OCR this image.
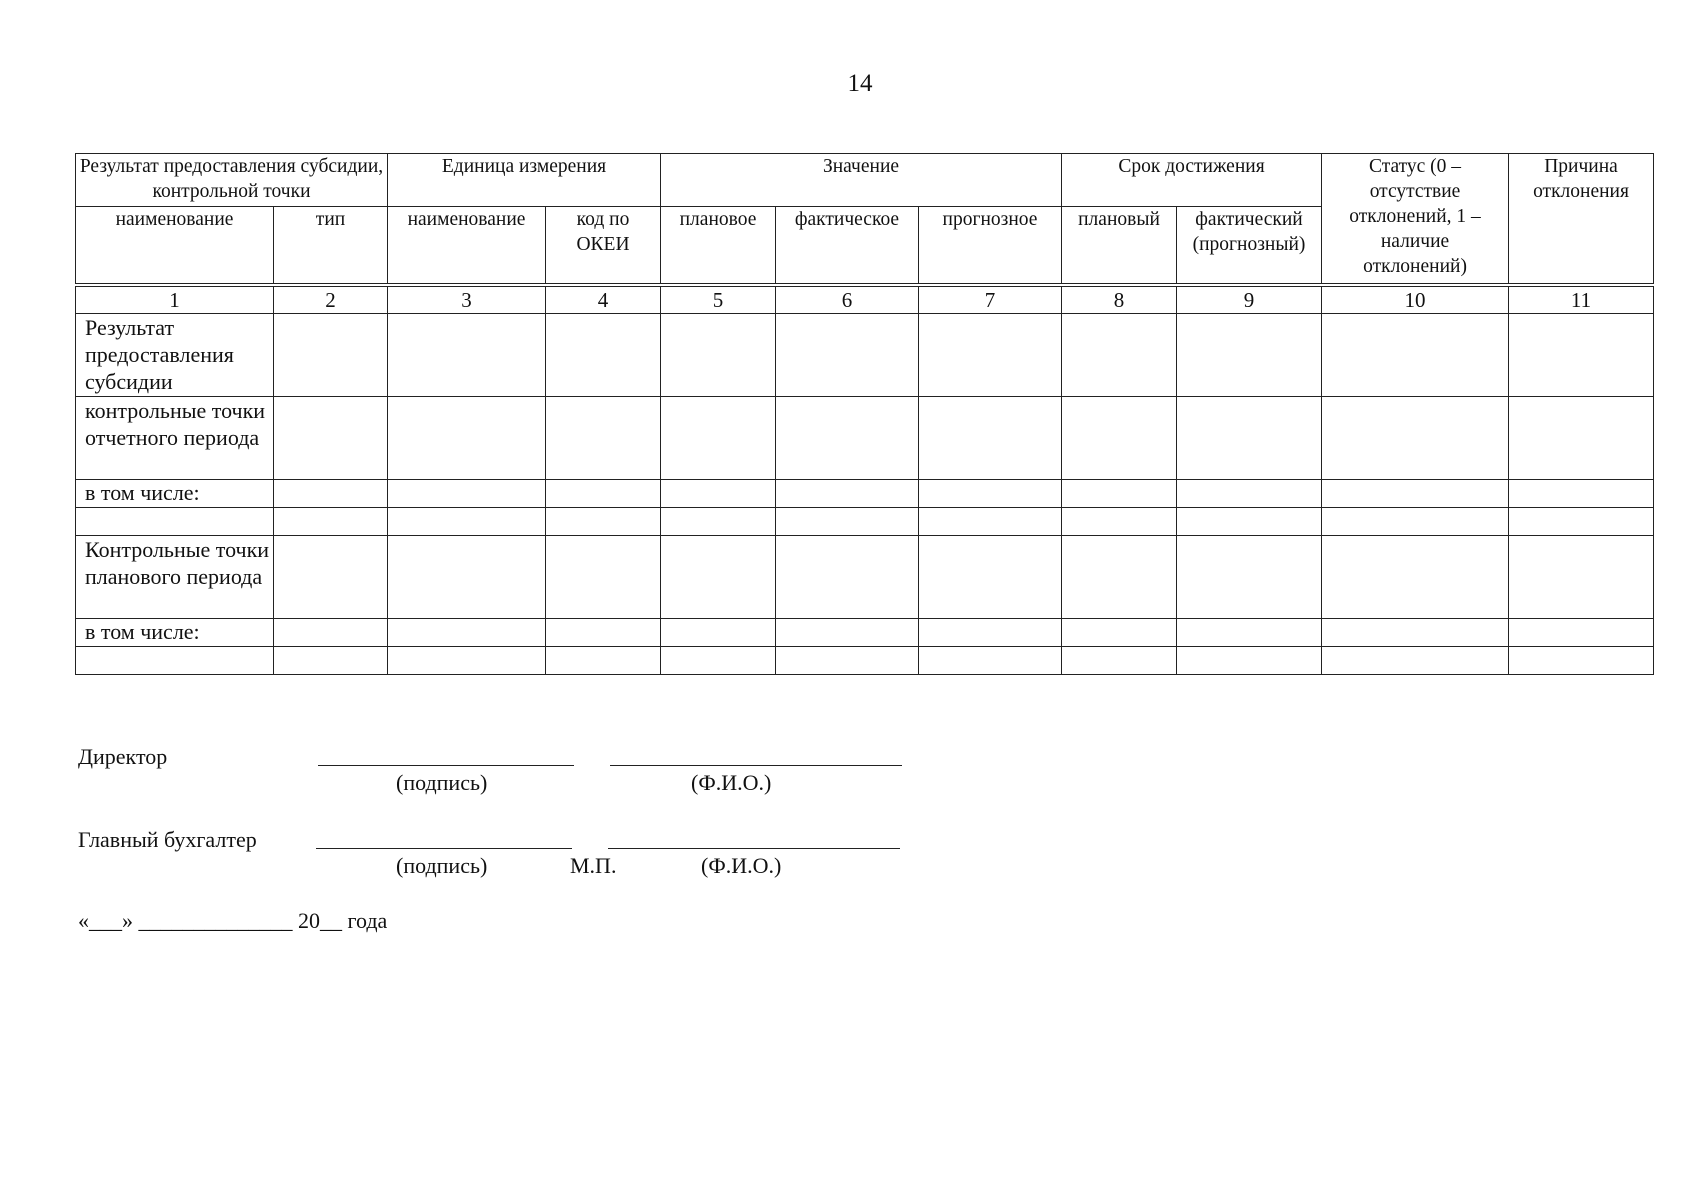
14
Результат предоставления субсидии, контрольной точки		Единица измерения		Значение			Срок достижения		Статус (0 – отсутствие отклонений, 1 – наличие отклонений)	Причина отклонения
наименование	тип	наименование	код по ОКЕИ	плановое	фактическое	прогнозное	плановый	фактический (прогнозный)		
1	2	3	4	5	6	7	8	9	10	11
Результат предоставления субсидии										
контрольные точки отчетного периода										
в том числе:										

Контрольные точки планового периода										
в том числе:										

Директор
(подпись)	(Ф.И.О.)
Главный бухгалтер
(подпись)	М.П.	(Ф.И.О.)
«___» ______________ 20__ года
